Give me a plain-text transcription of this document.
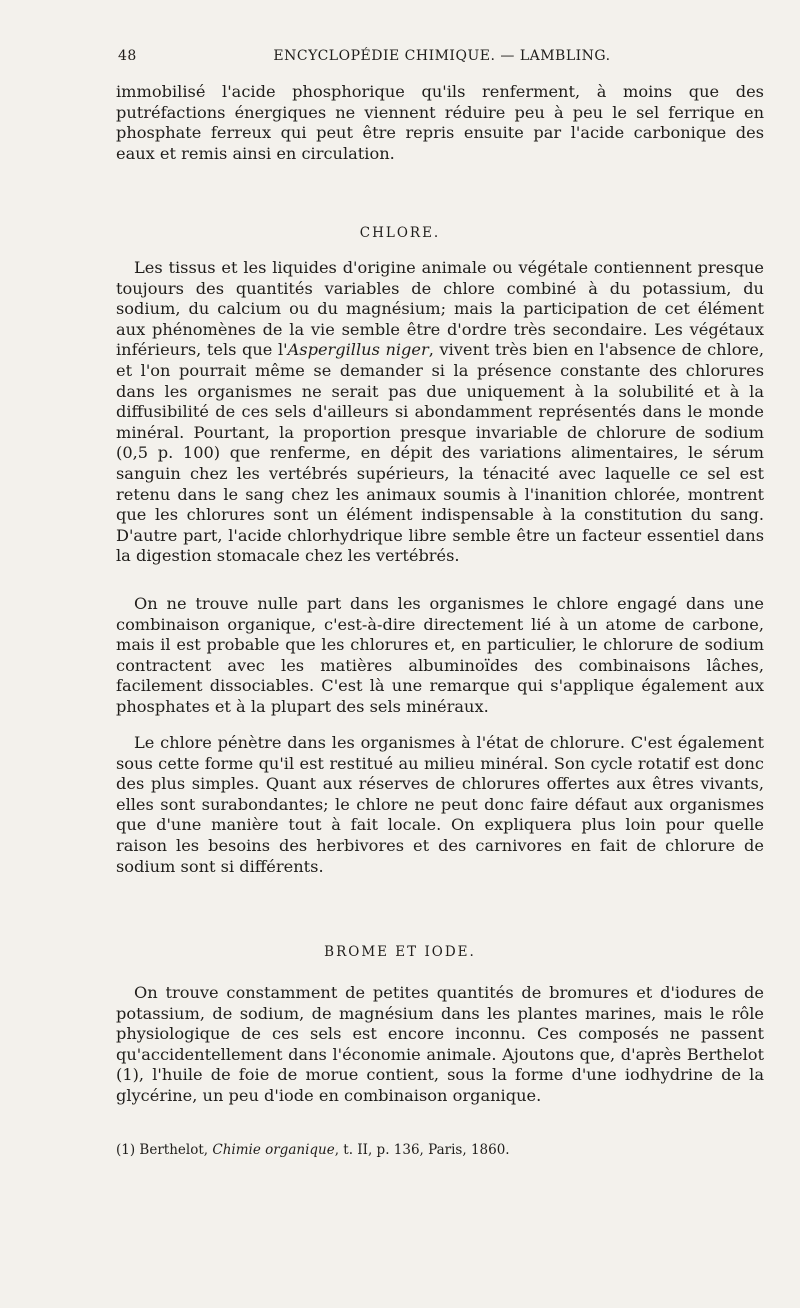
48	ENCYCLOPÉDIE CHIMIQUE. — LAMBLING.

immobilisé l'acide phosphorique qu'ils renferment, à moins que des putréfactions énergiques ne viennent réduire peu à peu le sel ferrique en phosphate ferreux qui peut être repris ensuite par l'acide carbonique des eaux et remis ainsi en circulation.

CHLORE.

Les tissus et les liquides d'origine animale ou végétale contiennent presque toujours des quantités variables de chlore combiné à du potassium, du sodium, du calcium ou du magnésium; mais la participation de cet élément aux phénomènes de la vie semble être d'ordre très secondaire. Les végétaux inférieurs, tels que l'Aspergillus niger, vivent très bien en l'absence de chlore, et l'on pourrait même se demander si la présence constante des chlorures dans les organismes ne serait pas due uniquement à la solubilité et à la diffusibilité de ces sels d'ailleurs si abondamment représentés dans le monde minéral. Pourtant, la proportion presque invariable de chlorure de sodium (0,5 p. 100) que renferme, en dépit des variations alimentaires, le sérum sanguin chez les vertébrés supérieurs, la ténacité avec laquelle ce sel est retenu dans le sang chez les animaux soumis à l'inanition chlorée, montrent que les chlorures sont un élément indispensable à la constitution du sang. D'autre part, l'acide chlorhydrique libre semble être un facteur essentiel dans la digestion stomacale chez les vertébrés.

On ne trouve nulle part dans les organismes le chlore engagé dans une combinaison organique, c'est-à-dire directement lié à un atome de carbone, mais il est probable que les chlorures et, en particulier, le chlorure de sodium contractent avec les matières albuminoïdes des combinaisons lâches, facilement dissociables. C'est là une remarque qui s'applique également aux phosphates et à la plupart des sels minéraux.

Le chlore pénètre dans les organismes à l'état de chlorure. C'est également sous cette forme qu'il est restitué au milieu minéral. Son cycle rotatif est donc des plus simples. Quant aux réserves de chlorures offertes aux êtres vivants, elles sont surabondantes; le chlore ne peut donc faire défaut aux organismes que d'une manière tout à fait locale. On expliquera plus loin pour quelle raison les besoins des herbivores et des carnivores en fait de chlorure de sodium sont si différents.

BROME ET IODE.

On trouve constamment de petites quantités de bromures et d'iodures de potassium, de sodium, de magnésium dans les plantes marines, mais le rôle physiologique de ces sels est encore inconnu. Ces composés ne passent qu'accidentellement dans l'économie animale. Ajoutons que, d'après Berthelot (1), l'huile de foie de morue contient, sous la forme d'une iodhydrine de la glycérine, un peu d'iode en combinaison organique.

(1) Berthelot, Chimie organique, t. II, p. 136, Paris, 1860.
